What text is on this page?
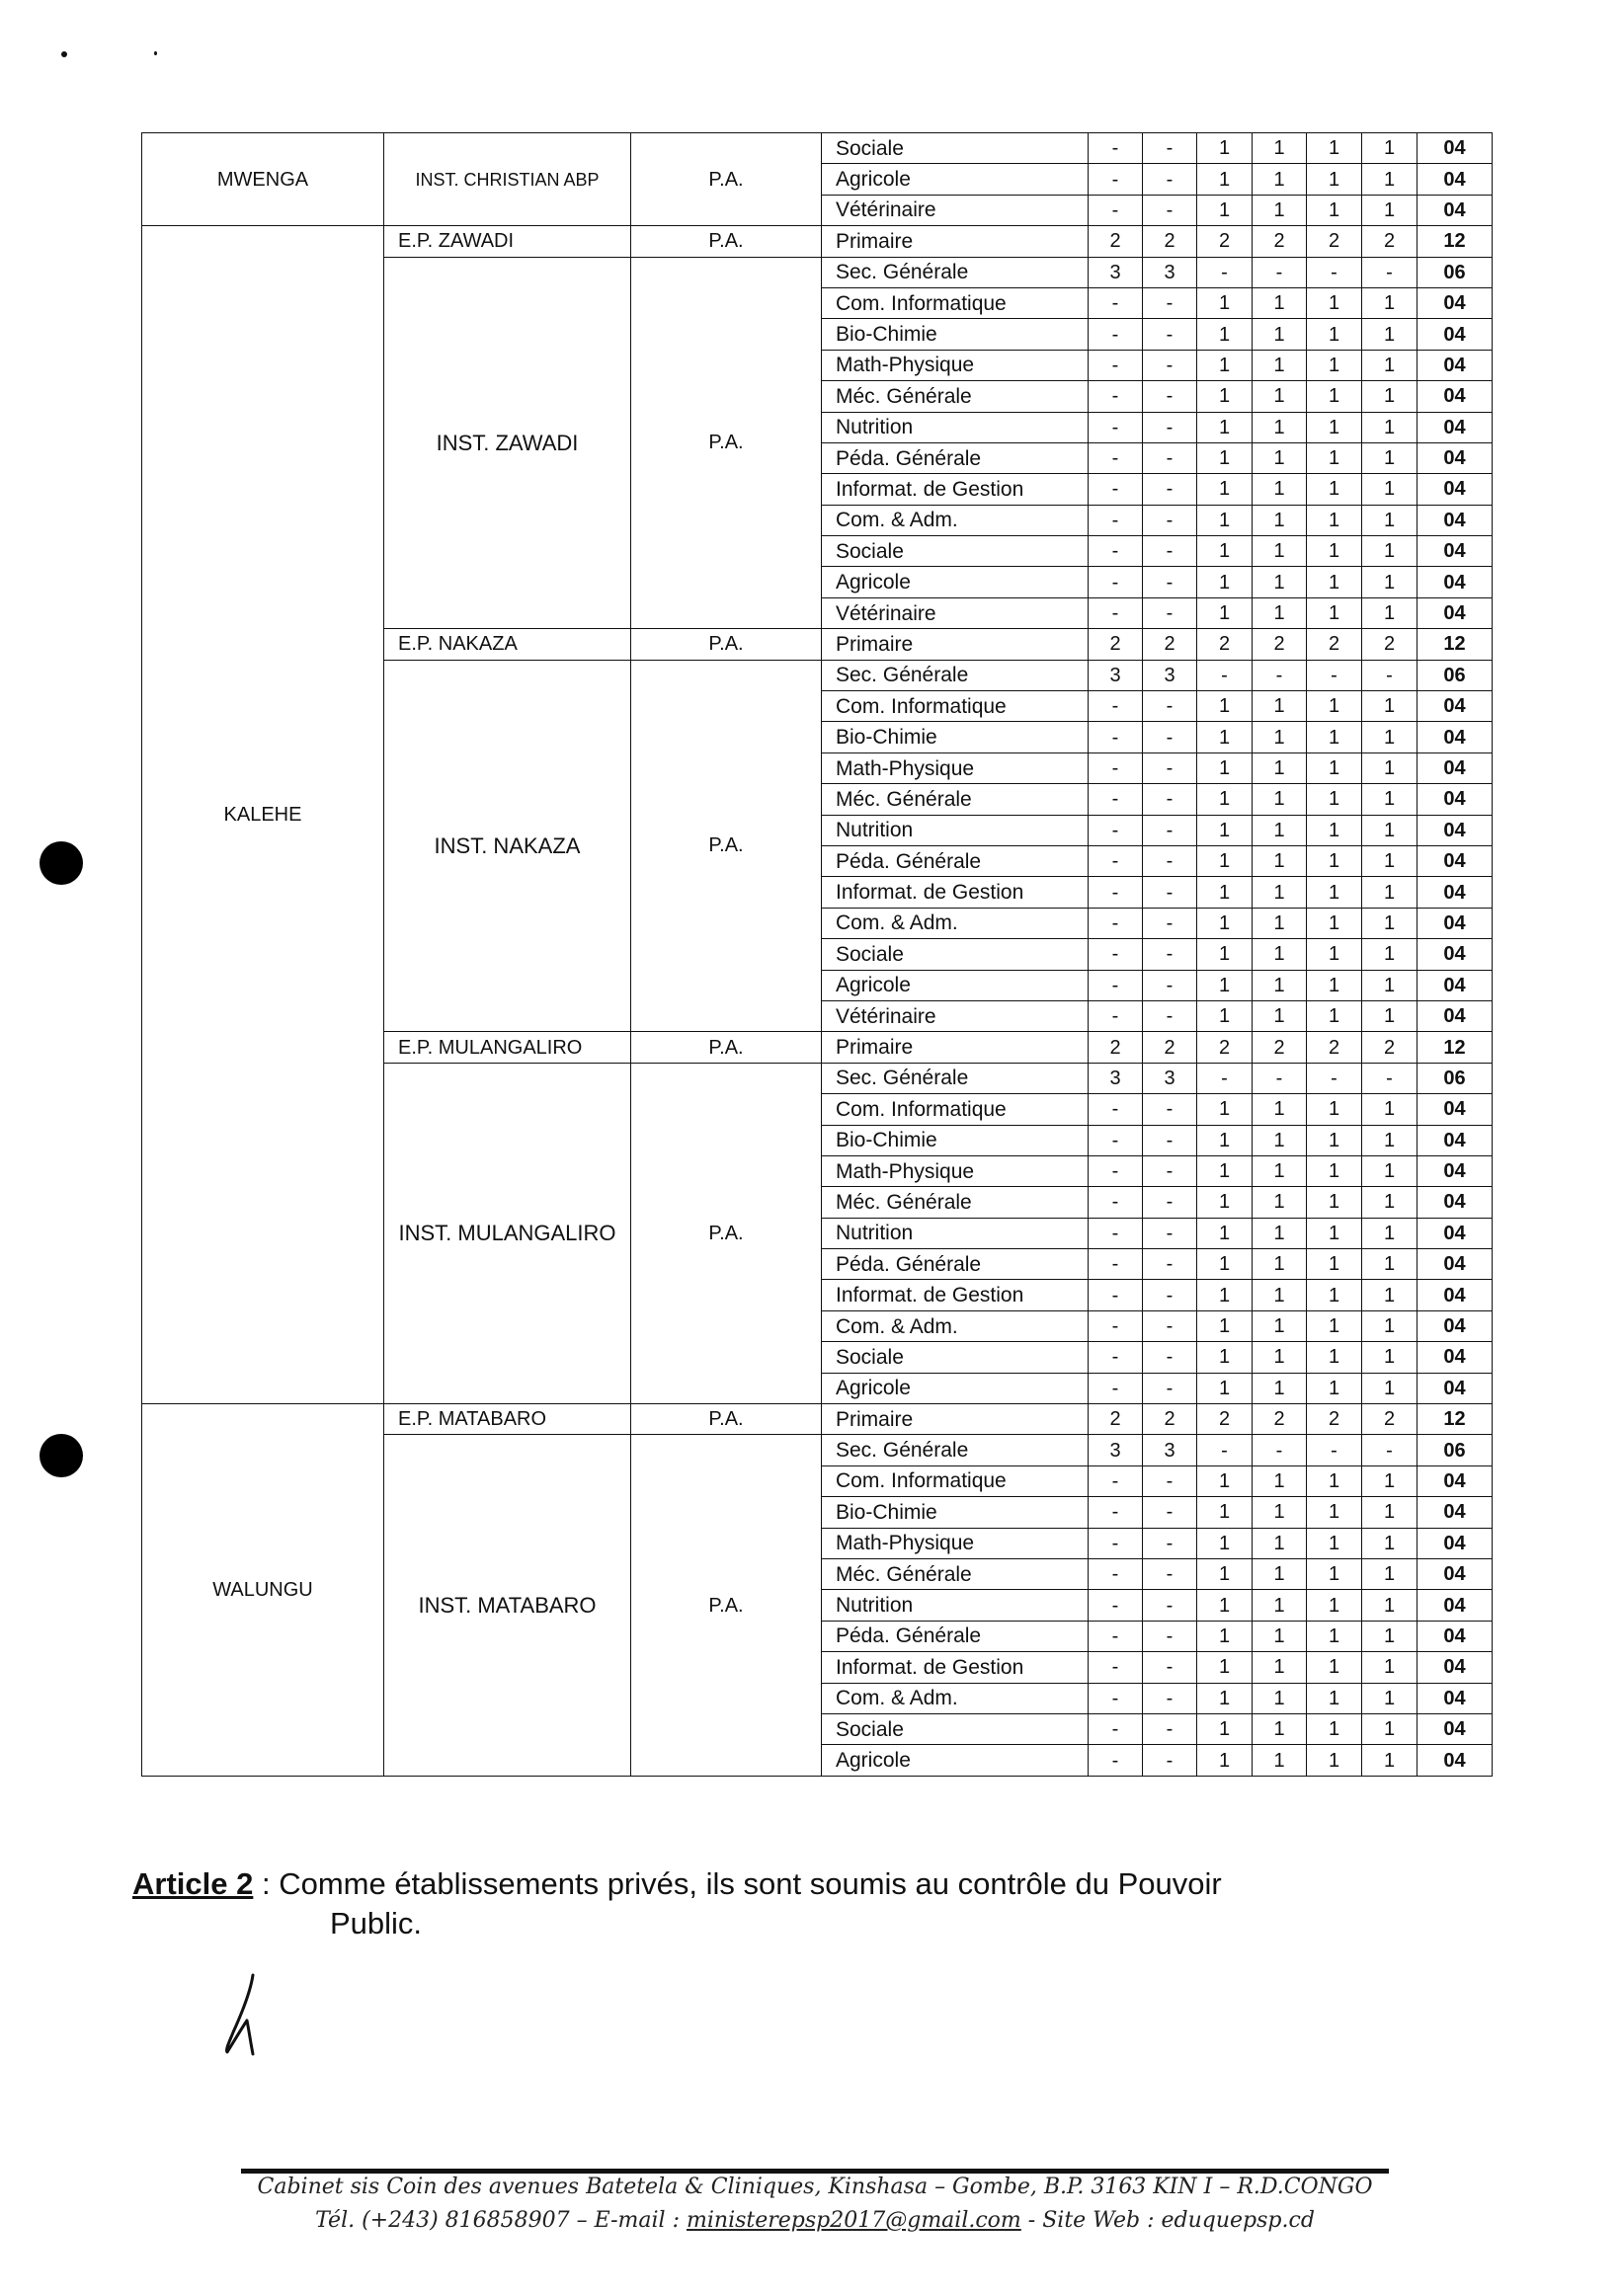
MWENGA	INST. CHRISTIAN ABP	P.A.	Sociale	-	-	1	1	1	1	04
			Agricole	-	-	1	1	1	1	04
			Vétérinaire	-	-	1	1	1	1	04
KALEHE	E.P. ZAWADI	P.A.	Primaire	2	2	2	2	2	2	12
	INST. ZAWADI	P.A.	Sec. Générale	3	3	-	-	-	-	06
			Com. Informatique	-	-	1	1	1	1	04
			Bio-Chimie	-	-	1	1	1	1	04
			Math-Physique	-	-	1	1	1	1	04
			Méc. Générale	-	-	1	1	1	1	04
			Nutrition	-	-	1	1	1	1	04
			Péda. Générale	-	-	1	1	1	1	04
			Informat. de Gestion	-	-	1	1	1	1	04
			Com. & Adm.	-	-	1	1	1	1	04
			Sociale	-	-	1	1	1	1	04
			Agricole	-	-	1	1	1	1	04
			Vétérinaire	-	-	1	1	1	1	04
	E.P. NAKAZA	P.A.	Primaire	2	2	2	2	2	2	12
	INST. NAKAZA	P.A.	Sec. Générale	3	3	-	-	-	-	06
			Com. Informatique	-	-	1	1	1	1	04
			Bio-Chimie	-	-	1	1	1	1	04
			Math-Physique	-	-	1	1	1	1	04
			Méc. Générale	-	-	1	1	1	1	04
			Nutrition	-	-	1	1	1	1	04
			Péda. Générale	-	-	1	1	1	1	04
			Informat. de Gestion	-	-	1	1	1	1	04
			Com. & Adm.	-	-	1	1	1	1	04
			Sociale	-	-	1	1	1	1	04
			Agricole	-	-	1	1	1	1	04
			Vétérinaire	-	-	1	1	1	1	04
	E.P. MULANGALIRO	P.A.	Primaire	2	2	2	2	2	2	12
	INST. MULANGALIRO	P.A.	Sec. Générale	3	3	-	-	-	-	06
			Com. Informatique	-	-	1	1	1	1	04
			Bio-Chimie	-	-	1	1	1	1	04
			Math-Physique	-	-	1	1	1	1	04
			Méc. Générale	-	-	1	1	1	1	04
			Nutrition	-	-	1	1	1	1	04
			Péda. Générale	-	-	1	1	1	1	04
			Informat. de Gestion	-	-	1	1	1	1	04
			Com. & Adm.	-	-	1	1	1	1	04
			Sociale	-	-	1	1	1	1	04
			Agricole	-	-	1	1	1	1	04
WALUNGU	E.P. MATABARO	P.A.	Primaire	2	2	2	2	2	2	12
	INST. MATABARO	P.A.	Sec. Générale	3	3	-	-	-	-	06
			Com. Informatique	-	-	1	1	1	1	04
			Bio-Chimie	-	-	1	1	1	1	04
			Math-Physique	-	-	1	1	1	1	04
			Méc. Générale	-	-	1	1	1	1	04
			Nutrition	-	-	1	1	1	1	04
			Péda. Générale	-	-	1	1	1	1	04
			Informat. de Gestion	-	-	1	1	1	1	04
			Com. & Adm.	-	-	1	1	1	1	04
			Sociale	-	-	1	1	1	1	04
			Agricole	-	-	1	1	1	1	04
Article 2 : Comme établissements privés, ils sont soumis au contrôle du Pouvoir
Public.
Cabinet sis Coin des avenues Batetela & Cliniques, Kinshasa – Gombe, B.P. 3163 KIN I – R.D.CONGO
Tél. (+243) 816858907 – E-mail : ministerepsp2017@gmail.com - Site Web : eduquepsp.cd
